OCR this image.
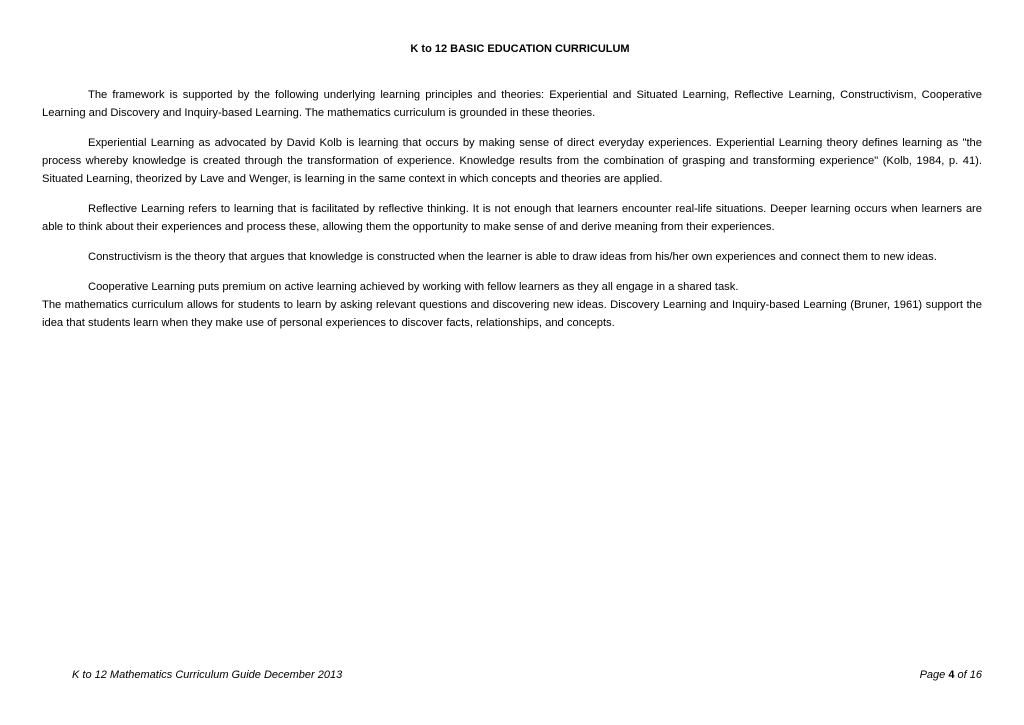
K to 12 BASIC EDUCATION CURRICULUM

The framework is supported by the following underlying learning principles and theories: Experiential and Situated Learning, Reflective Learning, Constructivism, Cooperative Learning and Discovery and Inquiry-based Learning. The mathematics curriculum is grounded in these theories.

Experiential Learning as advocated by David Kolb is learning that occurs by making sense of direct everyday experiences. Experiential Learning theory defines learning as "the process whereby knowledge is created through the transformation of experience. Knowledge results from the combination of grasping and transforming experience" (Kolb, 1984, p. 41). Situated Learning, theorized by Lave and Wenger, is learning in the same context in which concepts and theories are applied.

Reflective Learning refers to learning that is facilitated by reflective thinking. It is not enough that learners encounter real-life situations. Deeper learning occurs when learners are able to think about their experiences and process these, allowing them the opportunity to make sense of and derive meaning from their experiences.

Constructivism is the theory that argues that knowledge is constructed when the learner is able to draw ideas from his/her own experiences and connect them to new ideas.

Cooperative Learning puts premium on active learning achieved by working with fellow learners as they all engage in a shared task.

The mathematics curriculum allows for students to learn by asking relevant questions and discovering new ideas. Discovery Learning and Inquiry-based Learning (Bruner, 1961) support the idea that students learn when they make use of personal experiences to discover facts, relationships, and concepts.

K to 12 Mathematics Curriculum Guide December 2013	Page 4 of 16
